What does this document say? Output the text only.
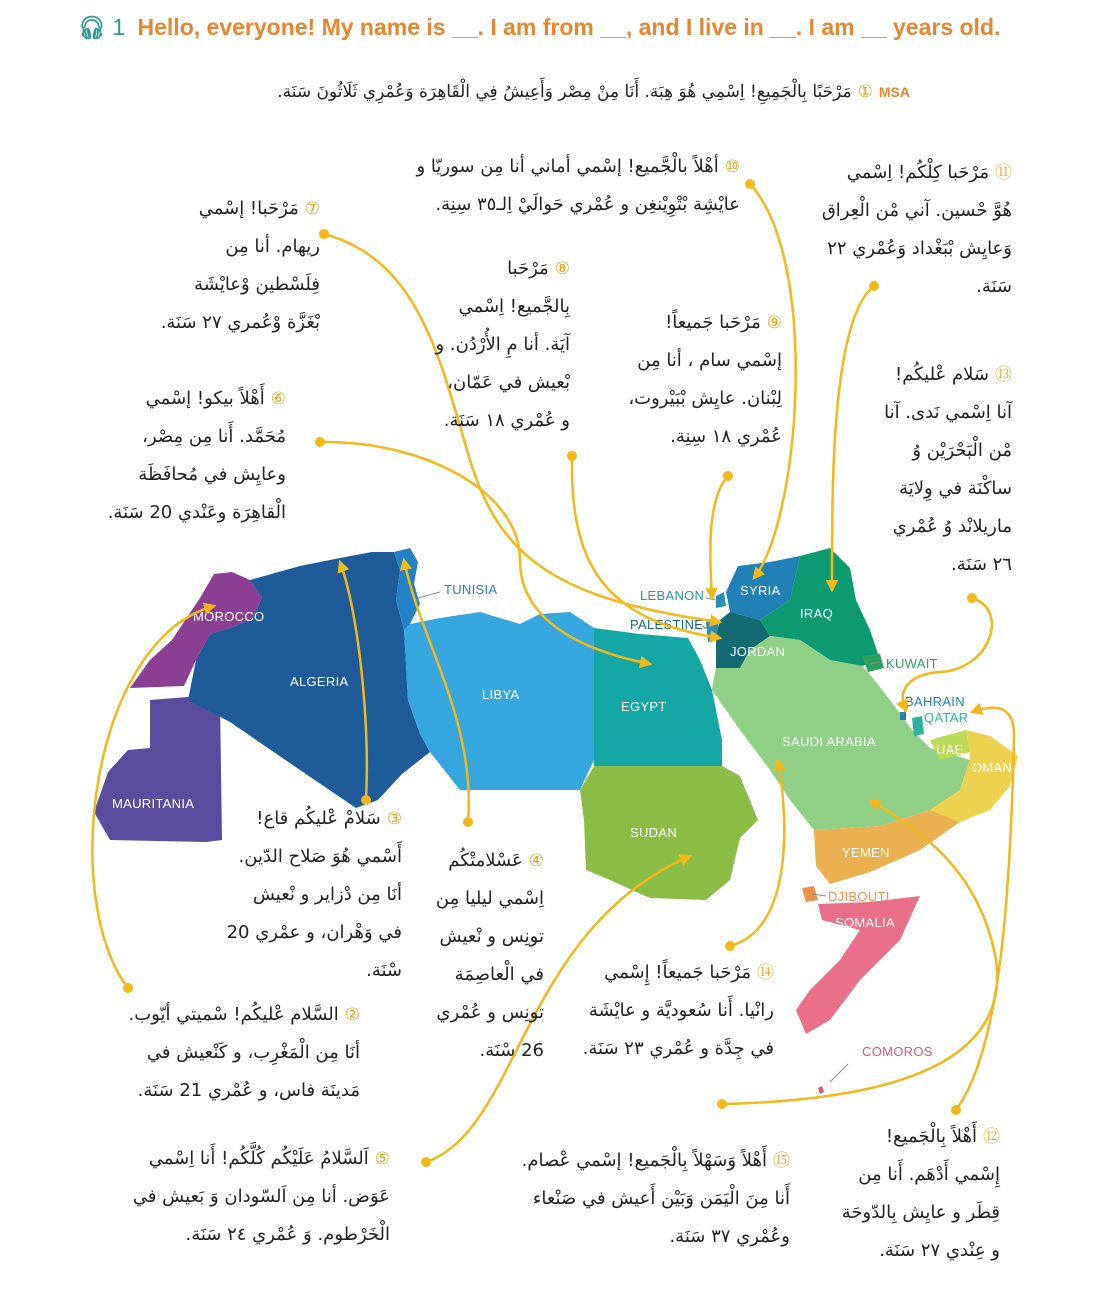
MOROCCO
ALGERIA
TUNISIA
LIBYA
EGYPT
SUDAN
MAURITANIA
LEBANON
PALESTINE
SYRIA
IRAQ
JORDAN
KUWAIT
BAHRAIN
QATAR
SAUDI ARABIA
UAE
OMAN
YEMEN
DJIBOUTI
SOMALIA
COMOROS
🎧︎ 1 Hello, everyone! My name is __. I am from __, and I live in __. I am __ years old.
MSA①مَرْحَبًا بِالْجَمِيعِ! اِسْمِي هُوَ هِبَة. أَنَا مِنْ مِصْر وَأَعِيشُ فِي الْقَاهِرَة وَعُمْرِي ثَلَاثُونَ سَنَة.
②السَّلام عْليكُم! سْميتي أيّوب.
أنَا مِن الْمَغْرِب، و كَنْعيش في
مَدينَة فاس، و عُمْري 21 سَنَة.
③سَلامْ عْليكُم قاع!
أَسْمي هُوَ صَلاح الدّين.
أنَا مِن دْزاير و نْعيش
في وَهْران، و عمْري 20
سْنَة.
④عَسْلامتْكُم
اِسْمي ليليا مِن
تونِس و نْعيش
في الْعاصِمَة
تونِس و عُمْري
26 سْنَة.
⑤اَلسَّلامُ عَلَيْكُم كُلَّكُم! أَنا اِسْمي
عَوَض. أنا مِن اَلسّودان وَ بَعيش في
الْخَرْطوم. وَ عُمْري ٢٤ سَنَة.
⑥أَهْلاً بيكو! إسْمي
مُحَمَّد. أَنا مِن مِصْر،
وعايِش في مُحافَظَة
الْقاهِرَة وعَنْدي 20 سَنَة.
⑦مَرْحَبا! إسْمي
ريهام. أنا مِن
فِلَسْطين وْعايْشَة
بْغَزَّة وْعُمري ٢٧ سَنَة.
⑧مَرْحَبا
بِالجَّميع! اِسْمي
آيَة. أنا مِ الأُرْدُن. و
بْعيش في عَمّان،
و عُمْري ١٨ سَنَة.
⑨مَرْحَبا جَميعاً!
إسْمي سام ، أنا مِن
لِبْنان. عايِش بْبَيْروت،
عُمْري ١٨ سِنِة.
⑩أهْلاً بالْجَّميع! إسْمي أماني أنا مِن سوريّا و
عايْشِة بْتْوِيْنغِن و عُمْري حَوالَيْ اِلـ٣٥ سِنِة.
⑪مَرْحَبا كِلْكُم! اِسْمي
هُوَّ حْسين. آني مْن الْعِراق
وَعايِش بْبَغْداد وَعُمْري ٢٢
سَنَة.
⑫أَهْلاً بِالْجَميع!
إِسْمي أَدْهَم. أَنا مِن
قِطَر و عايِش بِالدّوحَة
و عِنْدي ٢٧ سَنَة.
⑬سَلام عْليكُم!
آنا اِسْمي نَدى. آنا
مْن الْبَحْرَيْن وُ
ساكْنَة في وِلايَة
ماريلانْد وُ عُمْري
٢٦ سَنَة.
⑭مَرْحَبا جَميعاً! إِسْمي
رانْيا. أَنا سُعوديَّة و عايْشَة
في جِدَّة و عُمْري ٢٣ سَنَة.
⑮أَهْلاً وَسَهْلاً بِالْجَميع! إسْمي عْصام.
أَنا مِنَ الْيَمَن وَبَيْن أَعيش في صَنْعاء
وعُمْري ٣٧ سَنَة.
